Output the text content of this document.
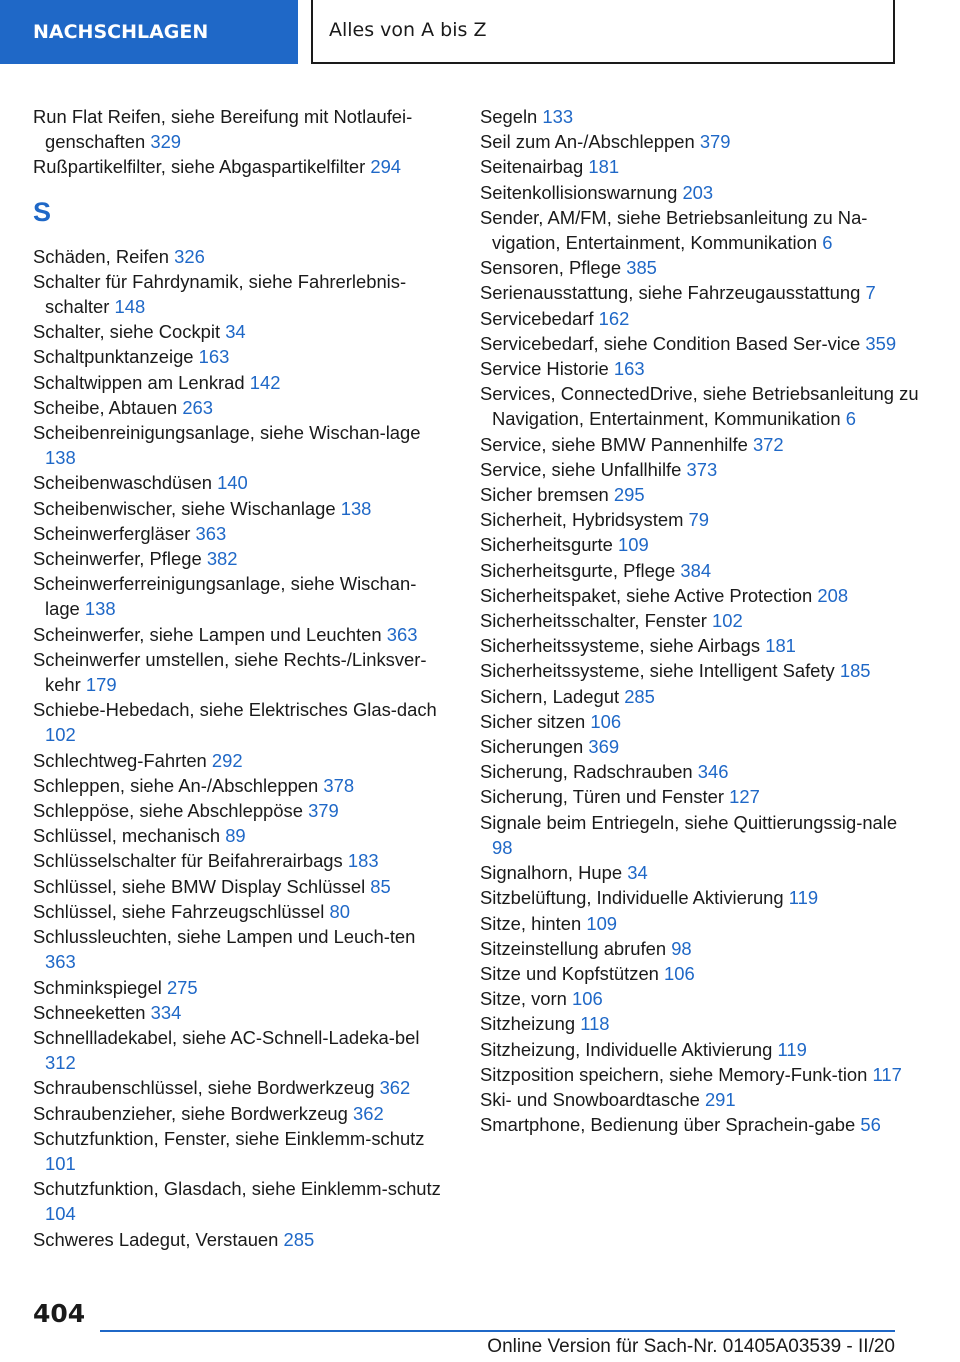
NACHSCHLAGEN	Alles von A bis Z

Run Flat Reifen, siehe Bereifung mit Notlaufei-genschaften 329

Rußpartikelfilter, siehe Abgaspartikelfilter 294

S

Schäden, Reifen 326

Schalter für Fahrdynamik, siehe Fahrerlebnis-schalter 148

Schalter, siehe Cockpit 34

Schaltpunktanzeige 163

Schaltwippen am Lenkrad 142

Scheibe, Abtauen 263

Scheibenreinigungsanlage, siehe Wischan-lage 138

Scheibenwaschdüsen 140

Scheibenwischer, siehe Wischanlage 138

Scheinwerfergläser 363

Scheinwerfer, Pflege 382

Scheinwerferreinigungsanlage, siehe Wischan-lage 138

Scheinwerfer, siehe Lampen und Leuchten 363

Scheinwerfer umstellen, siehe Rechts-/Linksver-kehr 179

Schiebe-Hebedach, siehe Elektrisches Glas-dach 102

Schlechtweg-Fahrten 292

Schleppen, siehe An-/Abschleppen 378

Schleppöse, siehe Abschleppöse 379

Schlüssel, mechanisch 89

Schlüsselschalter für Beifahrerairbags 183

Schlüssel, siehe BMW Display Schlüssel 85

Schlüssel, siehe Fahrzeugschlüssel 80

Schlussleuchten, siehe Lampen und Leuch-ten 363

Schminkspiegel 275

Schneeketten 334

Schnellladekabel, siehe AC-Schnell-Ladeka-bel 312

Schraubenschlüssel, siehe Bordwerkzeug 362

Schraubenzieher, siehe Bordwerkzeug 362

Schutzfunktion, Fenster, siehe Einklemm-schutz 101

Schutzfunktion, Glasdach, siehe Einklemm-schutz 104

Schweres Ladegut, Verstauen 285

Segeln 133

Seil zum An-/Abschleppen 379

Seitenairbag 181

Seitenkollisionswarnung 203

Sender, AM/FM, siehe Betriebsanleitung zu Na-vigation, Entertainment, Kommunikation 6

Sensoren, Pflege 385

Serienausstattung, siehe Fahrzeugausstattung 7

Servicebedarf 162

Servicebedarf, siehe Condition Based Ser-vice 359

Service Historie 163

Services, ConnectedDrive, siehe Betriebsanleitung zu Navigation, Entertainment, Kommunikation 6

Service, siehe BMW Pannenhilfe 372

Service, siehe Unfallhilfe 373

Sicher bremsen 295

Sicherheit, Hybridsystem 79

Sicherheitsgurte 109

Sicherheitsgurte, Pflege 384

Sicherheitspaket, siehe Active Protection 208

Sicherheitsschalter, Fenster 102

Sicherheitssysteme, siehe Airbags 181

Sicherheitssysteme, siehe Intelligent Safety 185

Sichern, Ladegut 285

Sicher sitzen 106

Sicherungen 369

Sicherung, Radschrauben 346

Sicherung, Türen und Fenster 127

Signale beim Entriegeln, siehe Quittierungssig-nale 98

Signalhorn, Hupe 34

Sitzbelüftung, Individuelle Aktivierung 119

Sitze, hinten 109

Sitzeinstellung abrufen 98

Sitze und Kopfstützen 106

Sitze, vorn 106

Sitzheizung 118

Sitzheizung, Individuelle Aktivierung 119

Sitzposition speichern, siehe Memory-Funk-tion 117

Ski- und Snowboardtasche 291

Smartphone, Bedienung über Sprachein-gabe 56

404
Online Version für Sach-Nr. 01405A03539 - II/20
